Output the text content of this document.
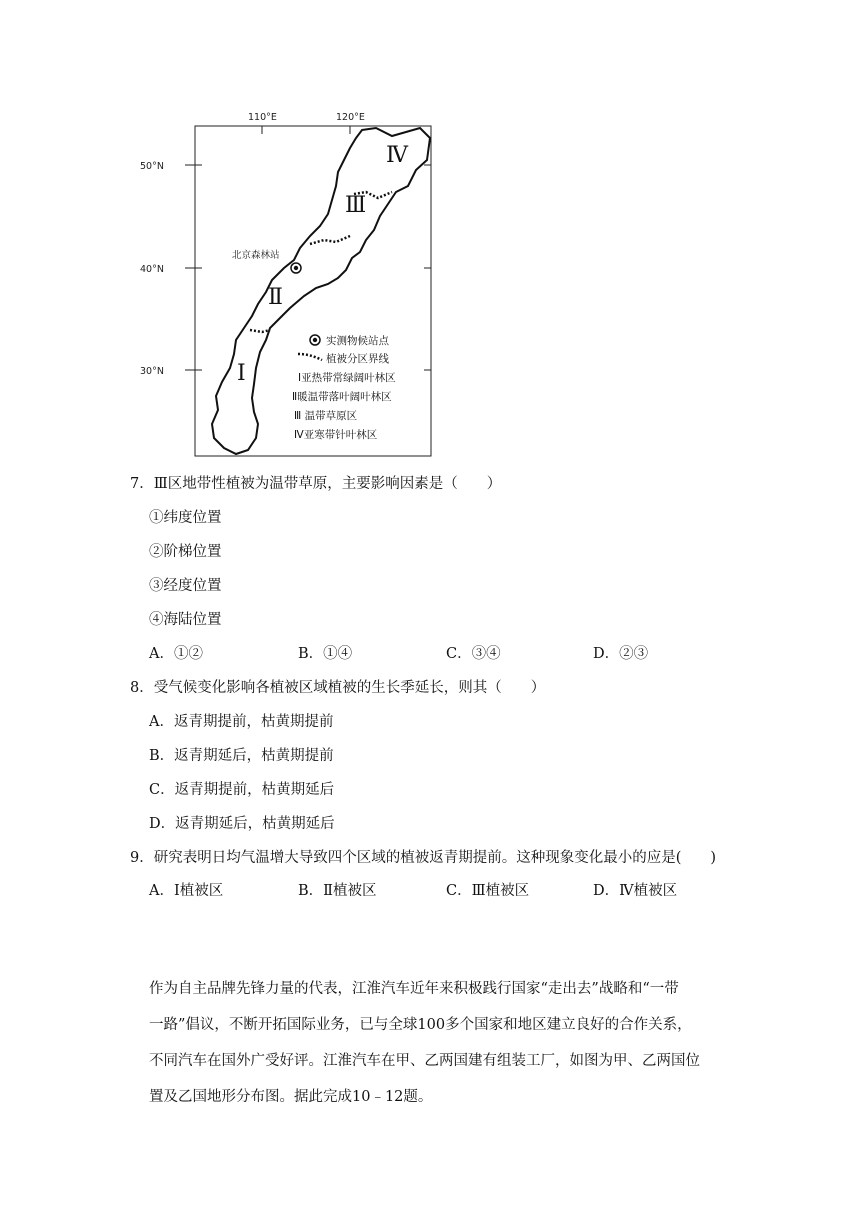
110°E	120°E
50°N
40°N
30°N
Ⅳ
Ⅲ
Ⅱ
Ⅰ
北京森林站
实测物候站点
植被分区界线
Ⅰ亚热带常绿阔叶林区
Ⅱ暖温带落叶阔叶林区
Ⅲ 温带草原区
Ⅳ亚寒带针叶林区
7．Ⅲ区地带性植被为温带草原，主要影响因素是（　　）
①纬度位置
②阶梯位置
③经度位置
④海陆位置
A．①②	B．①④	C．③④	D．②③
8．受气候变化影响各植被区域植被的生长季延长，则其（　　）
A．返青期提前，枯黄期提前
B．返青期延后，枯黄期提前
C．返青期提前，枯黄期延后
D．返青期延后，枯黄期延后
9．研究表明日均气温增大导致四个区域的植被返青期提前。这种现象变化最小的应是(　　)
A．Ⅰ植被区	B．Ⅱ植被区	C．Ⅲ植被区	D．Ⅳ植被区
作为自主品牌先锋力量的代表，江淮汽车近年来积极践行国家“走出去”战略和“一带
一路”倡议，不断开拓国际业务，已与全球100多个国家和地区建立良好的合作关系，
不同汽车在国外广受好评。江淮汽车在甲、乙两国建有组装工厂，如图为甲、乙两国位
置及乙国地形分布图。据此完成10﹣12题。
